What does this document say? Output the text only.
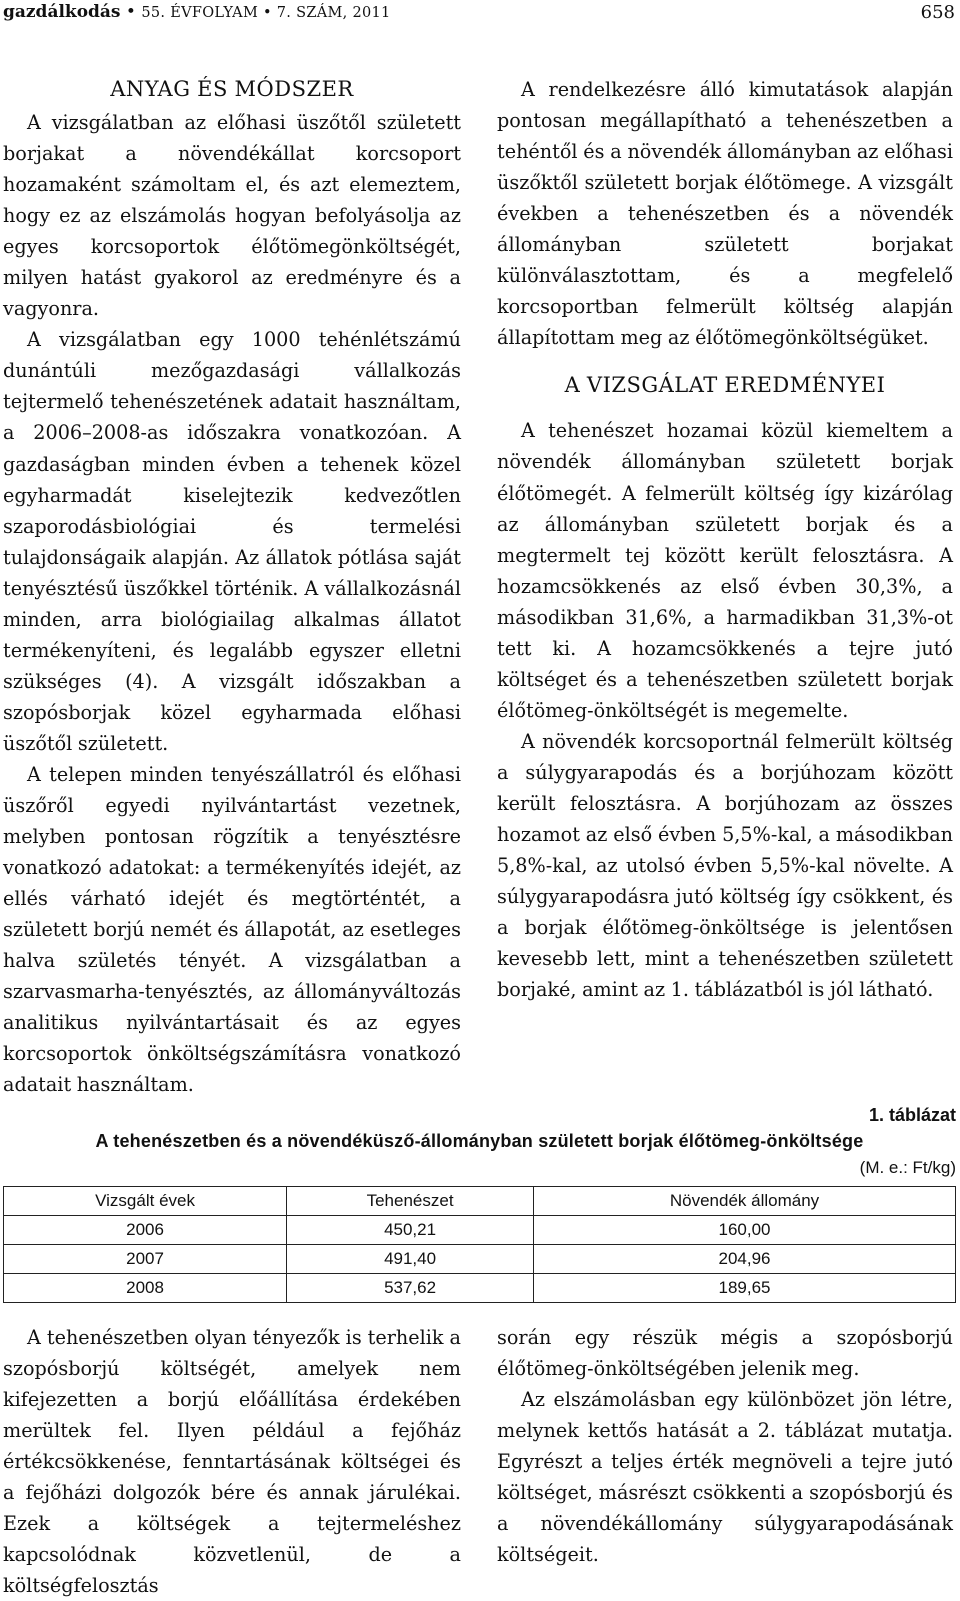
gazdálkodás • 55. ÉVFOLYAM • 7. SZÁM, 2011	658
ANYAG ÉS MÓDSZER

A vizsgálatban az előhasi üszőtől született borjakat a növendékállat korcsoport hozamaként számoltam el, és azt elemeztem, hogy ez az elszámolás hogyan befolyásolja az egyes korcsoportok élőtömegönköltségét, milyen hatást gyakorol az eredményre és a vagyonra.

A vizsgálatban egy 1000 tehénlétszámú dunántúli mezőgazdasági vállalkozás tejtermelő tehenészetének adatait használtam, a 2006–2008-as időszakra vonatkozóan. A gazdaságban minden évben a tehenek közel egyharmadát kiselejtezik kedvezőtlen szaporodásbiológiai és termelési tulajdonságaik alapján. Az állatok pótlása saját tenyésztésű üszőkkel történik. A vállalkozásnál minden, arra biológiailag alkalmas állatot termékenyíteni, és legalább egyszer elletni szükséges (4). A vizsgált időszakban a szopósborjak közel egyharmada előhasi üszőtől született.

A telepen minden tenyészállatról és előhasi üszőről egyedi nyilvántartást vezetnek, melyben pontosan rögzítik a tenyésztésre vonatkozó adatokat: a termékenyítés idejét, az ellés várható idejét és megtörténtét, a született borjú nemét és állapotát, az esetleges halva születés tényét. A vizsgálatban a szarvasmarha-tenyésztés, az állományváltozás analitikus nyilvántartásait és az egyes korcsoportok önköltségszámításra vonatkozó adatait használtam.

A rendelkezésre álló kimutatások alapján pontosan megállapítható a tehenészetben a tehéntől és a növendék állományban az előhasi üszőktől született borjak élőtömege. A vizsgált években a tehenészetben és a növendék állományban született borjakat különválasztottam, és a megfelelő korcsoportban felmerült költség alapján állapítottam meg az élőtömegönköltségüket.

A VIZSGÁLAT EREDMÉNYEI

A tehenészet hozamai közül kiemeltem a növendék állományban született borjak élőtömegét. A felmerült költség így kizárólag az állományban született borjak és a megtermelt tej között került felosztásra. A hozamcsökkenés az első évben 30,3%, a másodikban 31,6%, a harmadikban 31,3%-ot tett ki. A hozamcsökkenés a tejre jutó költséget és a tehenészetben született borjak élőtömeg-önköltségét is megemelte.

A növendék korcsoportnál felmerült költség a súlygyarapodás és a borjúhozam között került felosztásra. A borjúhozam az összes hozamot az első évben 5,5%-kal, a másodikban 5,8%-kal, az utolsó évben 5,5%-kal növelte. A súlygyarapodásra jutó költség így csökkent, és a borjak élőtömeg-önköltsége is jelentősen kevesebb lett, mint a tehenészetben született borjaké, amint az 1. táblázatból is jól látható.

1. táblázat
A tehenészetben és a növendéküsző-állományban született borjak élőtömeg-önköltsége
(M. e.: Ft/kg)
Vizsgált évek	Tehenészet	Növendék állomány
2006	450,21	160,00
2007	491,40	204,96
2008	537,62	189,65

A tehenészetben olyan tényezők is terhelik a szopósborjú költségét, amelyek nem kifejezetten a borjú előállítása érdekében merültek fel. Ilyen például a fejőház értékcsökkenése, fenntartásának költségei és a fejőházi dolgozók bére és annak járulékai. Ezek a költségek a tejtermeléshez kapcsolódnak közvetlenül, de a költségfelosztás

során egy részük mégis a szopósborjú élőtömeg-önköltségében jelenik meg.

Az elszámolásban egy különbözet jön létre, melynek kettős hatását a 2. táblázat mutatja. Egyrészt a teljes érték megnöveli a tejre jutó költséget, másrészt csökkenti a szopósborjú és a növendékállomány súlygyarapodásának költségeit.
